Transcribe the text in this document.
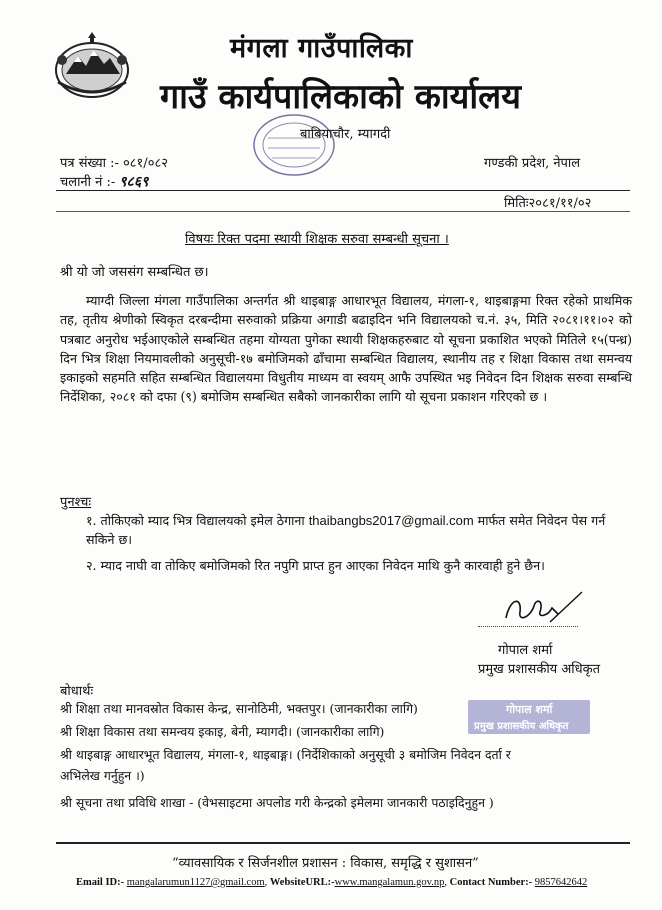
मंगला गाउँपालिका
गाउँ कार्यपालिकाको कार्यालय
बाबियाचौर, म्यागदी
पत्र संख्या :- ०८१/०८२
चलानी नं :- ९८६९
गण्डकी प्रदेश, नेपाल
मितिः२०८१/११/०२
विषयः रिक्त पदमा स्थायी शिक्षक सरुवा सम्बन्धी सूचना ।
श्री यो जो जससंग सम्बन्धित छ।
म्याग्दी जिल्ला मंगला गाउँपालिका अन्तर्गत श्री थाइबाङ्ग आधारभूत विद्यालय, मंगला-१, थाइबाङ्गमा रिक्त रहेको प्राथमिक तह, तृतीय श्रेणीको स्विकृत दरबन्दीमा सरुवाको प्रक्रिया अगाडी बढाइदिन भनि विद्यालयको च.नं. ३५, मिति २०८१।११।०२ को पत्रबाट अनुरोध भईआएकोले सम्बन्धित तहमा योग्यता पुगेका स्थायी शिक्षकहरुबाट यो सूचना प्रकाशित भएको मितिले १५(पन्ध्र) दिन भित्र शिक्षा नियमावलीको अनुसूची-१७ बमोजिमको ढाँचामा सम्बन्धित विद्यालय, स्थानीय तह र शिक्षा विकास तथा समन्वय इकाइको सहमति सहित सम्बन्धित विद्यालयमा विधुतीय माध्यम वा स्वयम् आफै उपस्थित भइ निवेदन दिन शिक्षक सरुवा सम्बन्धि निर्देशिका, २०८१ को दफा (९) बमोजिम सम्बन्धित सबैको जानकारीका लागि यो सूचना प्रकाशन गरिएको छ ।
पुनश्चः
१. तोकिएको म्याद भित्र विद्यालयको इमेल ठेगाना thaibangbs2017@gmail.com मार्फत समेत निवेदन पेस गर्न सकिने छ।
२. म्याद नाघी वा तोकिए बमोजिमको रित नपुगि प्राप्त हुन आएका निवेदन माथि कुनै कारवाही हुने छैन।
गोपाल शर्मा
प्रमुख प्रशासकीय अधिकृत
बोधार्थः
श्री शिक्षा तथा मानवस्रोत विकास केन्द्र, सानोठिमी, भक्तपुर। (जानकारीका लागि)
श्री शिक्षा विकास तथा समन्वय इकाइ, बेनी, म्यागदी। (जानकारीका लागि)
श्री थाइबाङ्ग आधारभूत विद्यालय, मंगला-१, थाइबाङ्ग। (निर्देशिकाको अनुसूची ३ बमोजिम निवेदन दर्ता र
अभिलेख गर्नुहुन ।)
श्री सूचना तथा प्रविधि शाखा - (वेभसाइटमा अपलोड गरी केन्द्रको इमेलमा जानकारी पठाइदिनुहुन )
गोपाल शर्मा
प्रमुख प्रशासकीय अधिकृत
“व्यावसायिक र सिर्जनशील प्रशासन : विकास, समृद्धि र सुशासन”
Email ID:- mangalarumun1127@gmail.com, WebsiteURL:-www.mangalamun.gov.np, Contact Number:- 9857642642
